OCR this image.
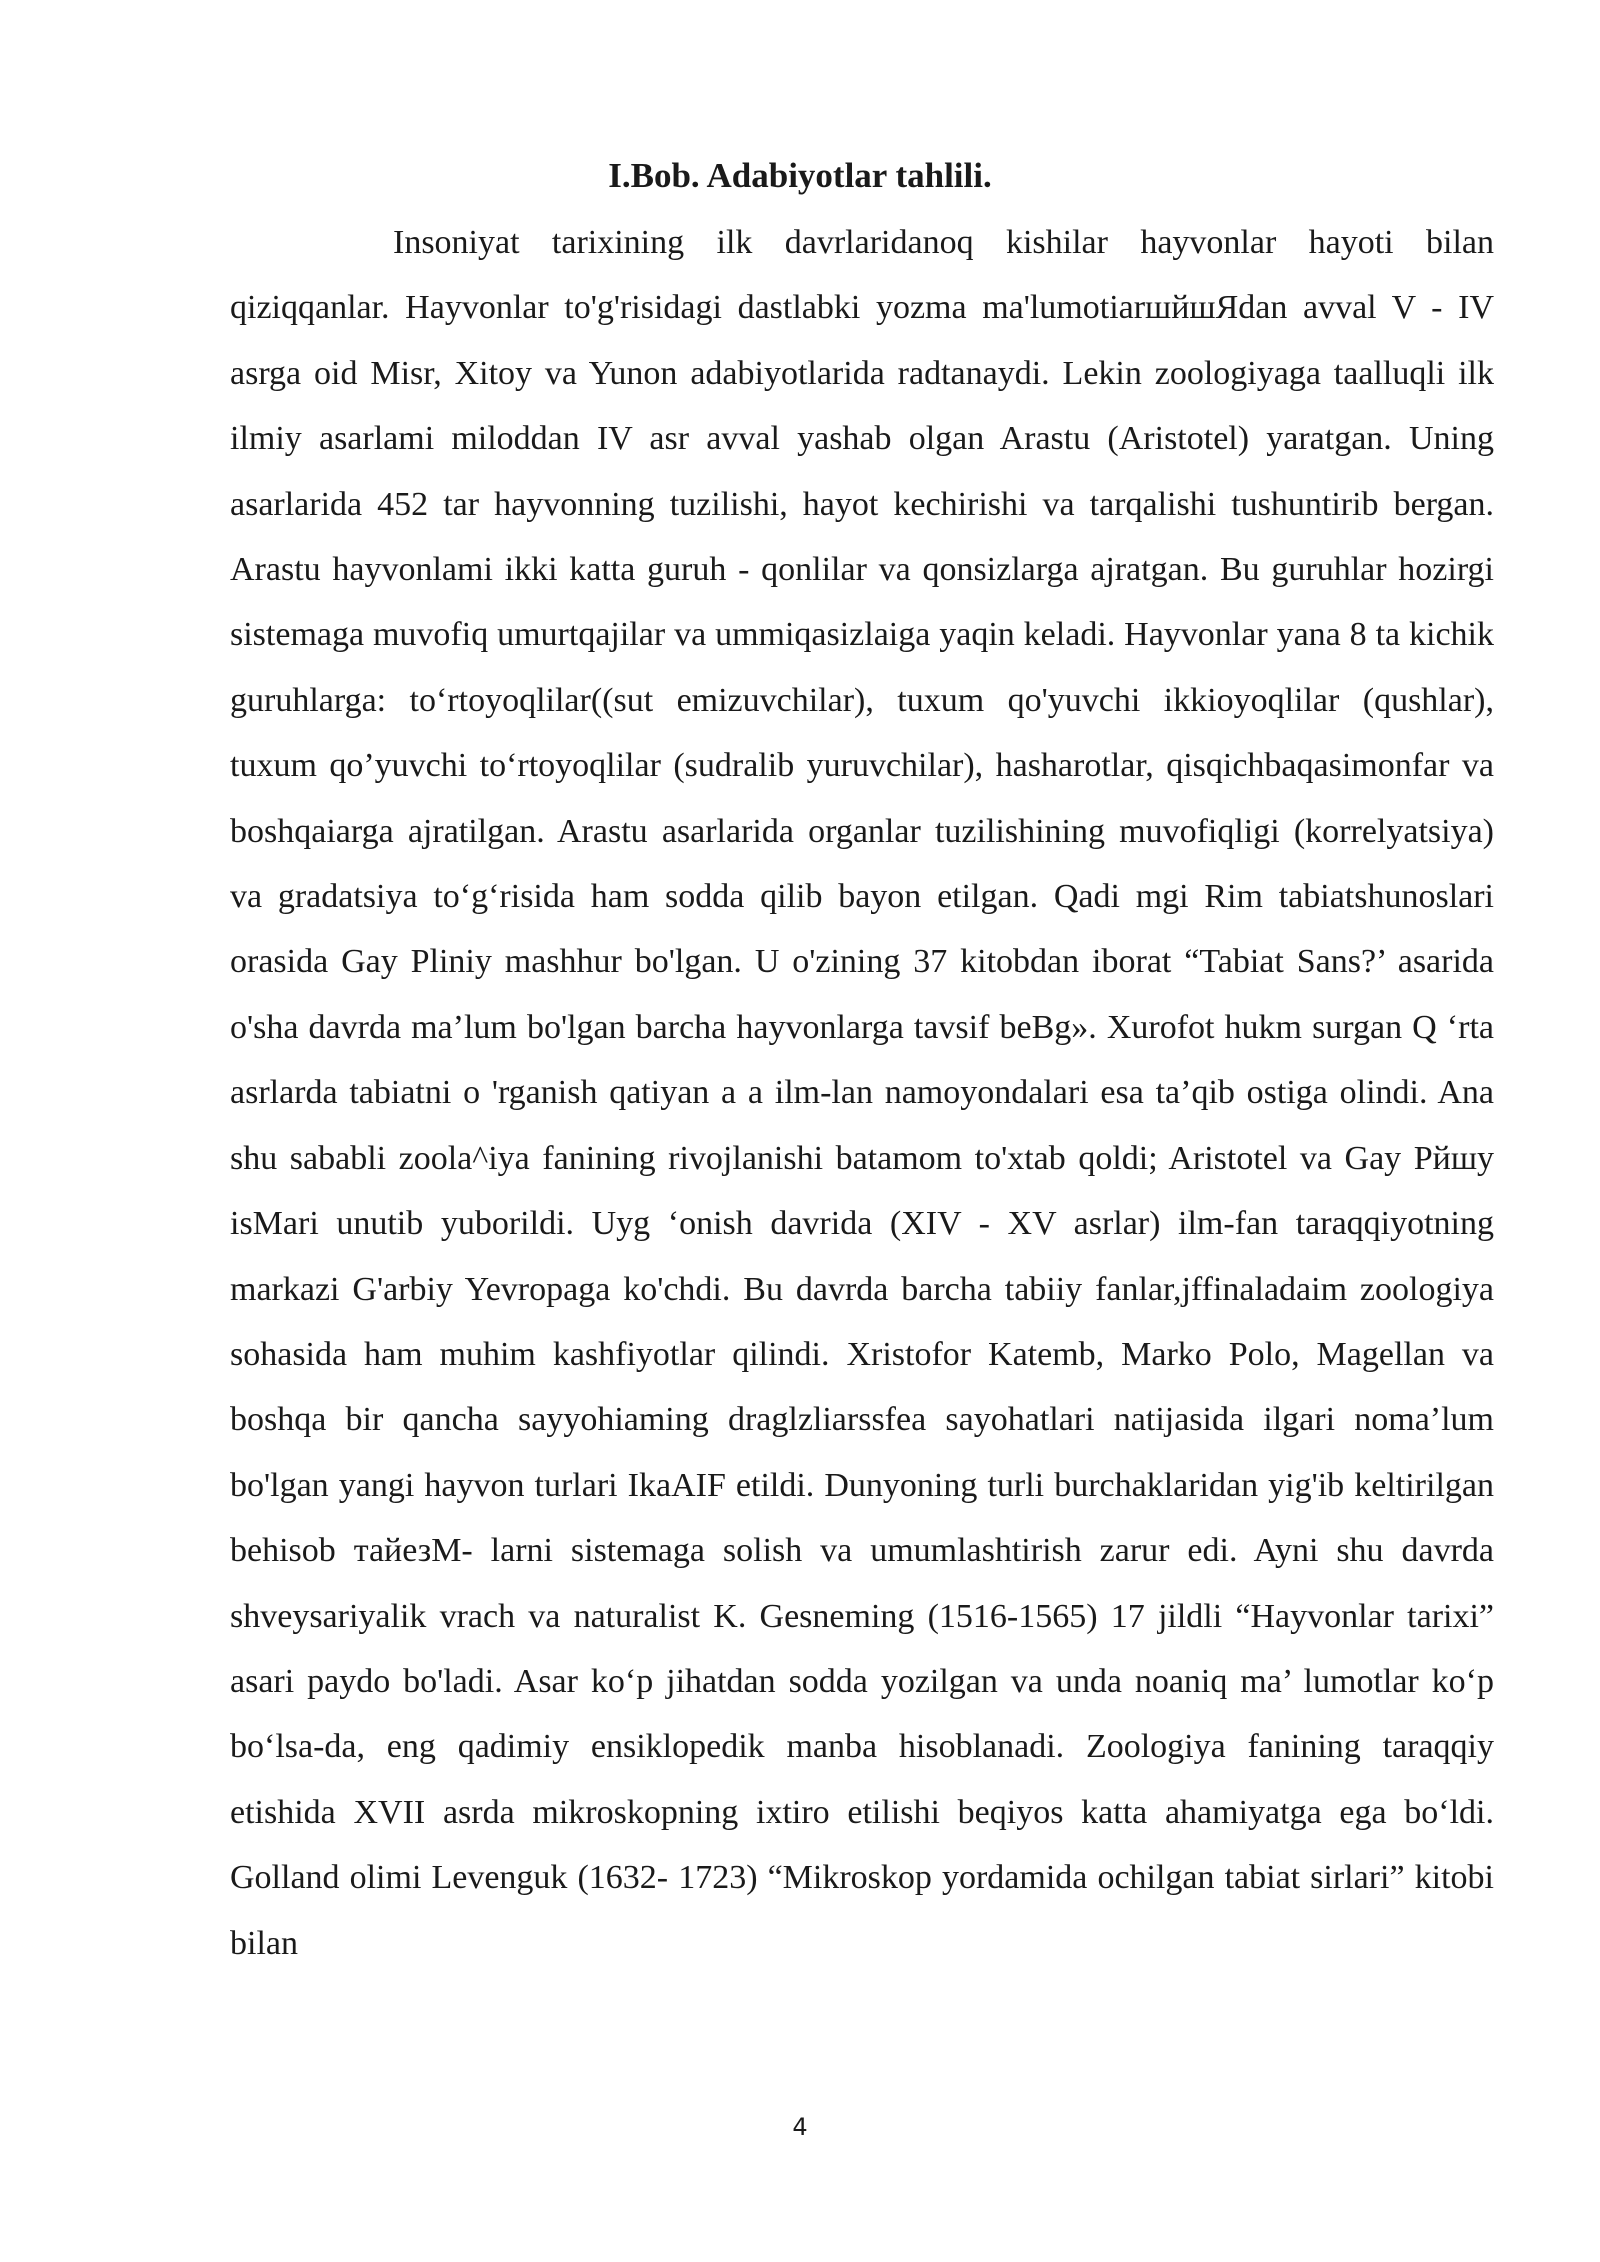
I.Bob. Adabiyotlar tahlili.

Insoniyat tarixining ilk davrlaridanoq kishilar hayvonlar hayoti bilan qiziqqanlar. Hayvonlar to'g'risidagi dastlabki yozma ma'lumotiarшйшЯdan avval V - IV asrga oid Misr, Xitoy va Yunon adabiyotlarida radtanaydi. Lekin zoologiyaga taalluqli ilk ilmiy asarlami miloddan IV asr avval yashab olgan Arastu (Aristotel) yaratgan. Uning asarlarida 452 tar hayvonning tuzilishi, hayot kechirishi va tarqalishi tushuntirib bergan. Arastu hayvonlami ikki katta guruh - qonlilar va qonsizlarga ajratgan. Bu guruhlar hozirgi sistemaga muvofiq umurtqajilar va ummiqasizlaiga yaqin keladi. Hayvonlar yana 8 ta kichik guruhlarga: to‘rtoyoqlilar((sut emizuvchilar), tuxum qo'yuvchi ikkioyoqlilar (qushlar), tuxum qo’yuvchi to‘rtoyoqlilar (sudralib yuruvchilar), hasharotlar, qisqichbaqasimonfar va boshqaiarga ajratilgan. Arastu asarlarida organlar tuzilishining muvofiqligi (korrelyatsiya) va gradatsiya to‘g‘risida ham sodda qilib bayon etilgan. Qadi mgi Rim tabiatshunoslari orasida Gay Pliniy mashhur bo'lgan. U o'zining 37 kitobdan iborat “Tabiat Sans?’ asarida o'sha davrda ma’lum bo'lgan barcha hayvonlarga tavsif beBg». Xurofot hukm surgan Q ‘rta asrlarda tabiatni o 'rganish qatiyan a a ilm-lan namoyondalari esa ta’qib ostiga olindi. Ana shu sababli zoola^iya fanining rivojlanishi batamom to'xtab qoldi; Aristotel va Gay Рйшу isMari unutib yuborildi. Uyg ‘onish davrida (XIV - XV asrlar) ilm-fan taraqqiyotning markazi G'arbiy Yevropaga ko'chdi. Bu davrda barcha tabiiy fanlar,jffinaladaim zoologiya sohasida ham muhim kashfiyotlar qilindi. Xristofor Katemb, Marko Polo, Magellan va boshqa bir qancha sayyohiaming draglzliarssfea sayohatlari natijasida ilgari noma’lum bo'lgan yangi hayvon turlari IkaAIF etildi. Dunyoning turli burchaklaridan yig'ib keltirilgan behisob тайезМ- larni sistemaga solish va umumlashtirish zarur edi. Ayni shu davrda shveysariyalik vrach va naturalist K. Gesneming (1516-1565) 17 jildli “Hayvonlar tarixi” asari paydo bo'ladi. Asar ko‘p jihatdan sodda yozilgan va unda noaniq ma’ lumotlar ko‘p bo‘lsa-da, eng qadimiy ensiklopedik manba hisoblanadi. Zoologiya fanining taraqqiy etishida XVII asrda mikroskopning ixtiro etilishi beqiyos katta ahamiyatga ega bo‘ldi. Golland olimi Levenguk (1632- 1723) “Mikroskop yordamida ochilgan tabiat sirlari” kitobi bilan

4
